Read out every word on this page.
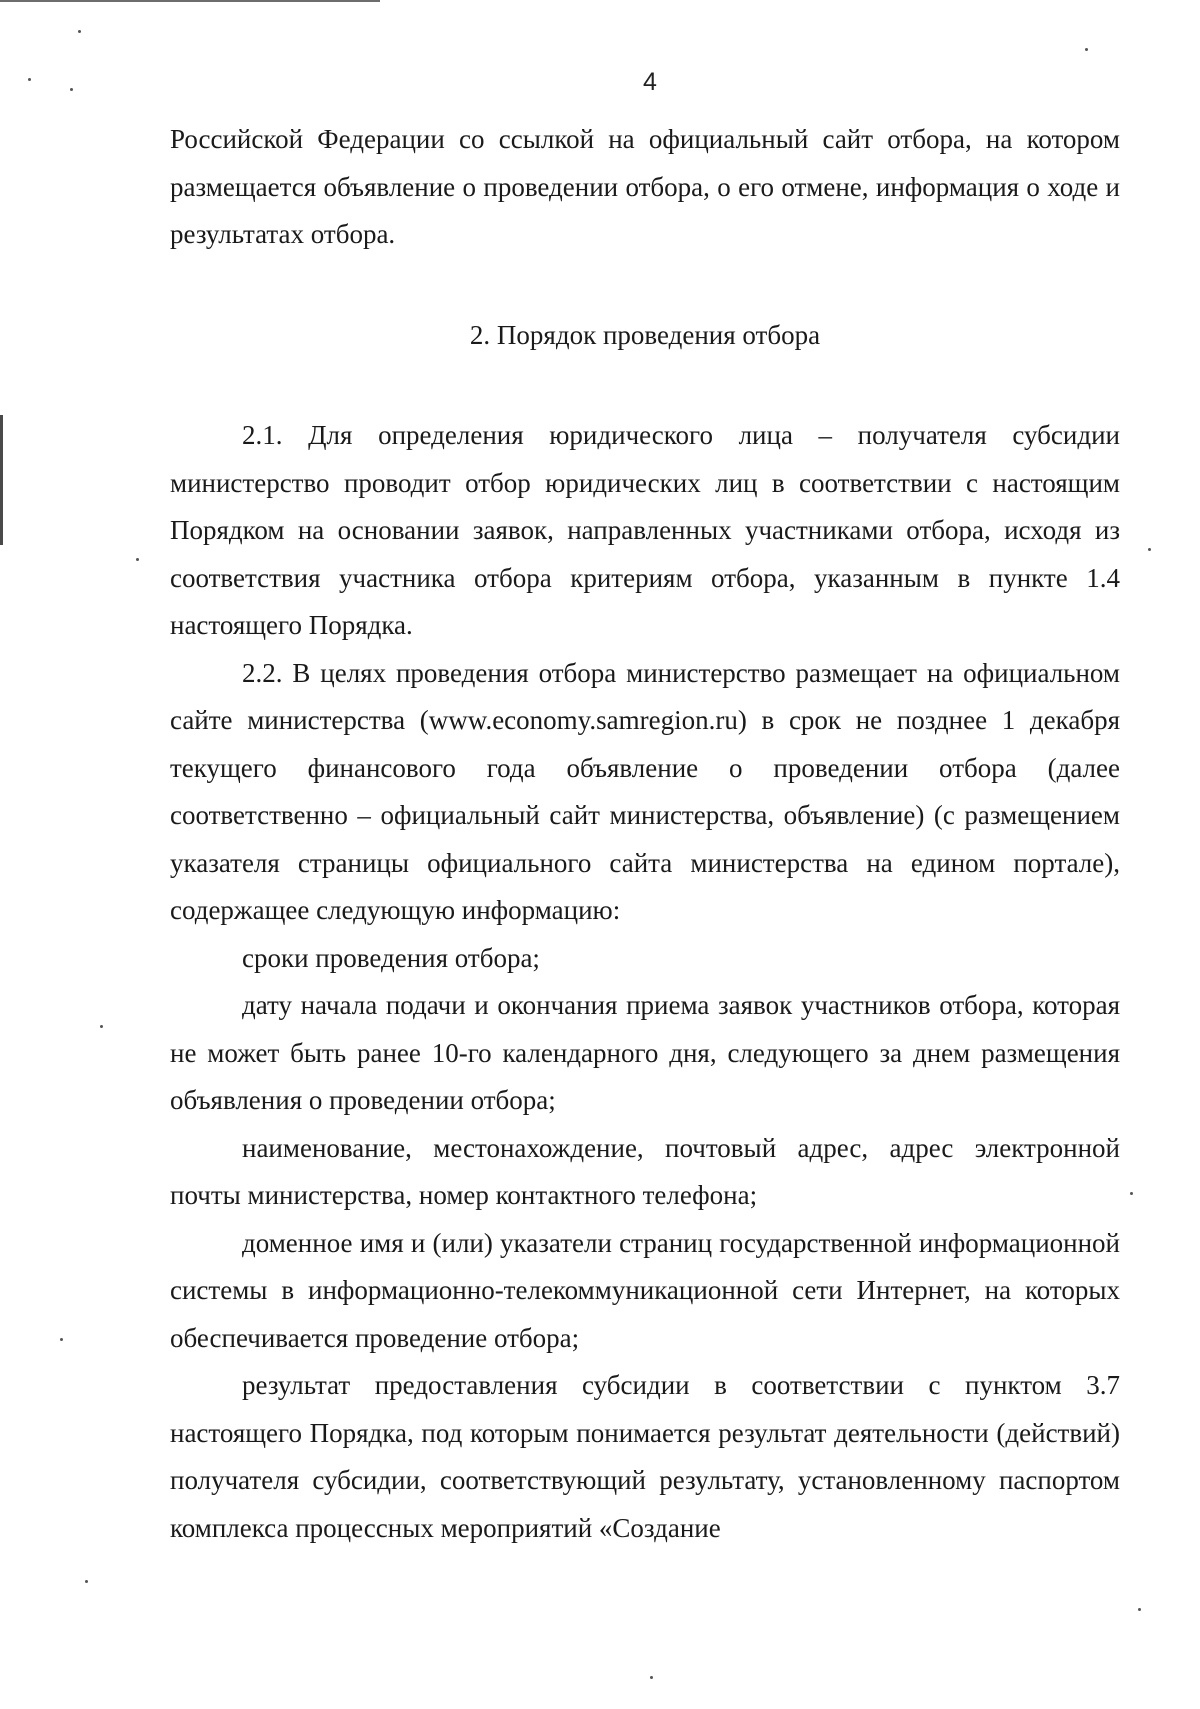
4

Российской Федерации со ссылкой на официальный сайт отбора, на котором размещается объявление о проведении отбора, о его отмене, информация о ходе и результатах отбора.

2. Порядок проведения отбора

2.1. Для определения юридического лица – получателя субсидии министерство проводит отбор юридических лиц в соответствии с настоящим Порядком на основании заявок, направленных участниками отбора, исходя из соответствия участника отбора критериям отбора, указанным в пункте 1.4 настоящего Порядка.

2.2. В целях проведения отбора министерство размещает на официальном сайте министерства (www.economy.samregion.ru) в срок не позднее 1 декабря текущего финансового года объявление о проведении отбора (далее соответственно – официальный сайт министерства, объявление) (с размещением указателя страницы официального сайта министерства на едином портале), содержащее следующую информацию:

сроки проведения отбора;

дату начала подачи и окончания приема заявок участников отбора, которая не может быть ранее 10-го календарного дня, следующего за днем размещения объявления о проведении отбора;

наименование, местонахождение, почтовый адрес, адрес электронной почты министерства, номер контактного телефона;

доменное имя и (или) указатели страниц государственной информационной системы в информационно-телекоммуникационной сети Интернет, на которых обеспечивается проведение отбора;

результат предоставления субсидии в соответствии с пунктом 3.7 настоящего Порядка, под которым понимается результат деятельности (действий) получателя субсидии, соответствующий результату, установленному паспортом комплекса процессных мероприятий «Создание
